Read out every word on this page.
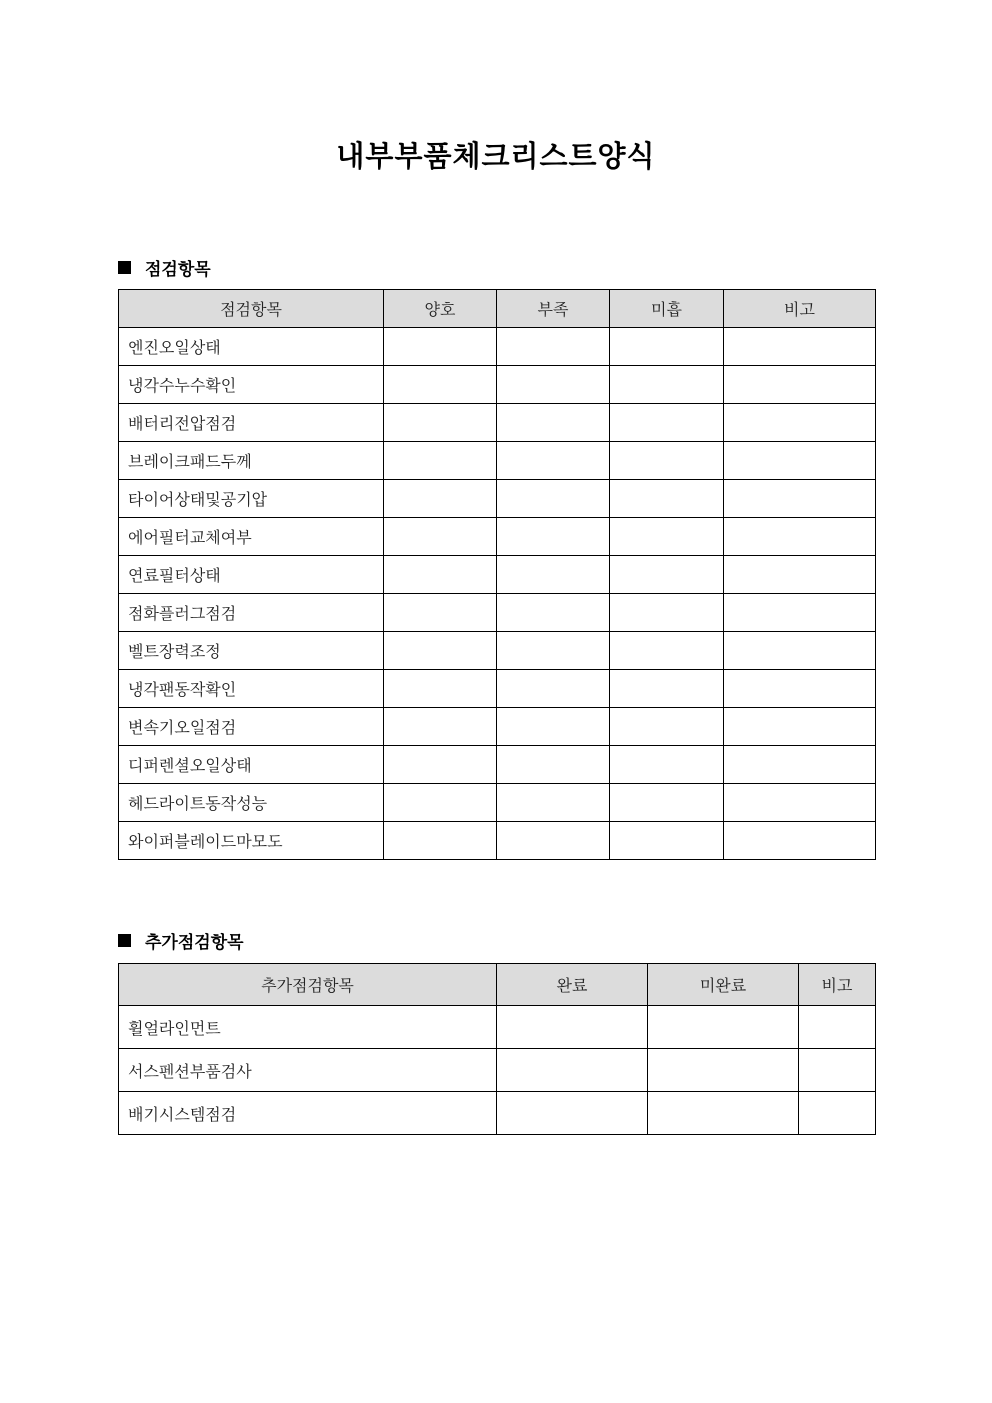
내부부품체크리스트양식
점검항목
점검항목	양호	부족	미흡	비고
엔진오일상태				
냉각수누수확인				
배터리전압점검				
브레이크패드두께				
타이어상태및공기압				
에어필터교체여부				
연료필터상태				
점화플러그점검				
벨트장력조정				
냉각팬동작확인				
변속기오일점검				
디퍼렌셜오일상태				
헤드라이트동작성능				
와이퍼블레이드마모도				
추가점검항목
추가점검항목	완료	미완료	비고
휠얼라인먼트			
서스펜션부품검사			
배기시스템점검			
